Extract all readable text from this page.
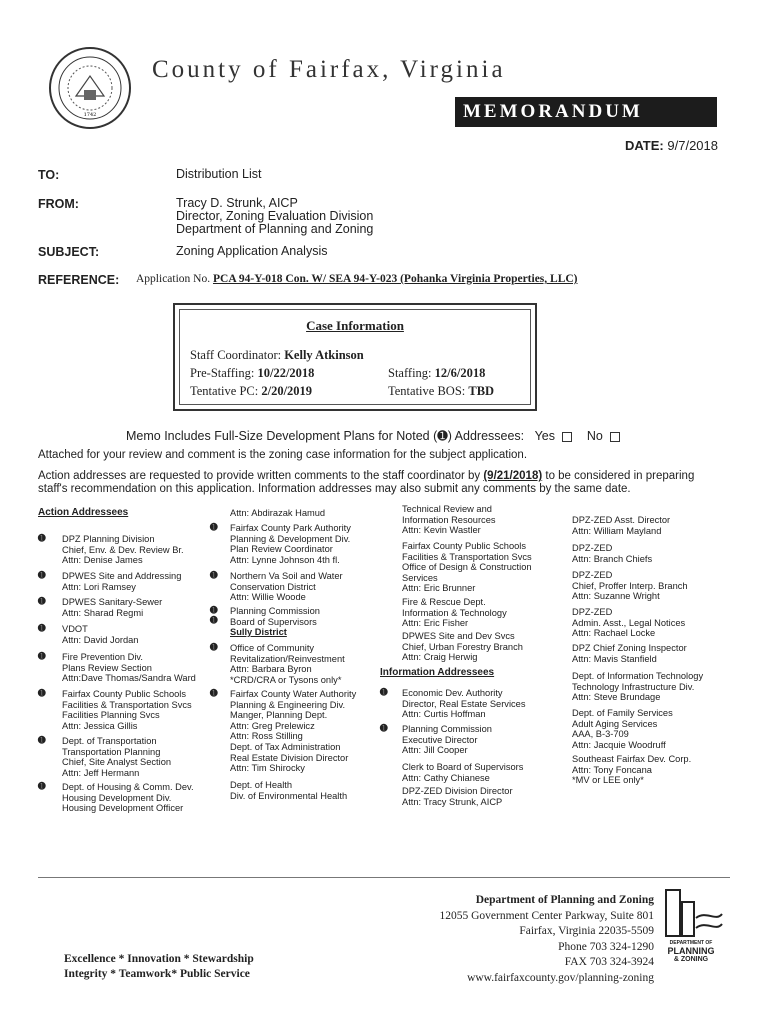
1742
County of Fairfax, Virginia
MEMORANDUM
DATE: 9/7/2018
TO:	Distribution List
FROM:	Tracy D. Strunk, AICP
Director, Zoning Evaluation Division
Department of Planning and Zoning
SUBJECT:	Zoning Application Analysis
REFERENCE: Application No. PCA 94-Y-018 Con. W/ SEA 94-Y-023 (Pohanka Virginia Properties, LLC)
Case Information
Staff Coordinator: Kelly Atkinson
Pre-Staffing: 10/22/2018	Staffing: 12/6/2018
Tentative PC: 2/20/2019	Tentative BOS: TBD
Memo Includes Full-Size Development Plans for Noted (➊) Addressees: Yes	No
Attached for your review and comment is the zoning case information for the subject application.
Action addresses are requested to provide written comments to the staff coordinator by (9/21/2018) to be considered in preparing
staff's recommendation on this application. Information addresses may also submit any comments by the same date.
Action Addressees
➊ DPZ Planning Division
Chief, Env. & Dev. Review Br.
Attn: Denise James
➊ DPWES Site and Addressing
Attn: Lori Ramsey
➊ DPWES Sanitary-Sewer
Attn: Sharad Regmi
➊ VDOT
Attn: David Jordan
➊ Fire Prevention Div.
Plans Review Section
Attn:Dave Thomas/Sandra Ward
➊ Fairfax County Public Schools
Facilities & Transportation Svcs
Facilities Planning Svcs
Attn: Jessica Gillis
➊ Dept. of Transportation
Transportation Planning
Chief, Site Analyst Section
Attn: Jeff Hermann
➊ Dept. of Housing & Comm. Dev.
Housing Development Div.
Housing Development Officer
Attn: Abdirazak Hamud
➊ Fairfax County Park Authority
Planning & Development Div.
Plan Review Coordinator
Attn: Lynne Johnson 4th fl.
➊ Northern Va Soil and Water
Conservation District
Attn: Willie Woode
➊
➊
Planning Commission
Board of Supervisors
Sully District
➊ Office of Community
Revitalization/Reinvestment
Attn: Barbara Byron
*CRD/CRA or Tysons only*
➊ Fairfax County Water Authority
Planning & Engineering Div.
Manger, Planning Dept.
Attn: Greg Prelewicz
Attn: Ross Stilling
Dept. of Tax Administration
Real Estate Division Director
Attn: Tim Shirocky
Dept. of Health
Div. of Environmental Health
Technical Review and
Information Resources
Attn: Kevin Wastler
Fairfax County Public Schools
Facilities & Transportation Svcs
Office of Design & Construction
Services
Attn: Eric Brunner
Fire & Rescue Dept.
Information & Technology
Attn: Eric Fisher
DPWES Site and Dev Svcs
Chief, Urban Forestry Branch
Attn: Craig Herwig
Information Addressees
➊ Economic Dev. Authority
Director, Real Estate Services
Attn: Curtis Hoffman
➊ Planning Commission
Executive Director
Attn: Jill Cooper
Clerk to Board of Supervisors
Attn: Cathy Chianese
DPZ-ZED Division Director
Attn: Tracy Strunk, AICP
DPZ-ZED Asst. Director
Attn: William Mayland
DPZ-ZED
Attn: Branch Chiefs
DPZ-ZED
Chief, Proffer Interp. Branch
Attn: Suzanne Wright
DPZ-ZED
Admin. Asst., Legal Notices
Attn: Rachael Locke
DPZ Chief Zoning Inspector
Attn: Mavis Stanfield
Dept. of Information Technology
Technology Infrastructure Div.
Attn: Steve Brundage
Dept. of Family Services
Adult Aging Services
AAA, B-3-709
Attn: Jacquie Woodruff
Southeast Fairfax Dev. Corp.
Attn: Tony Foncana
*MV or LEE only*
Department of Planning and Zoning
12055 Government Center Parkway, Suite 801
Fairfax, Virginia 22035-5509
Phone 703 324-1290
FAX 703 324-3924
www.fairfaxcounty.gov/planning-zoning
Excellence * Innovation * Stewardship
Integrity * Teamwork* Public Service
DEPARTMENT OF
PLANNING
& ZONING
